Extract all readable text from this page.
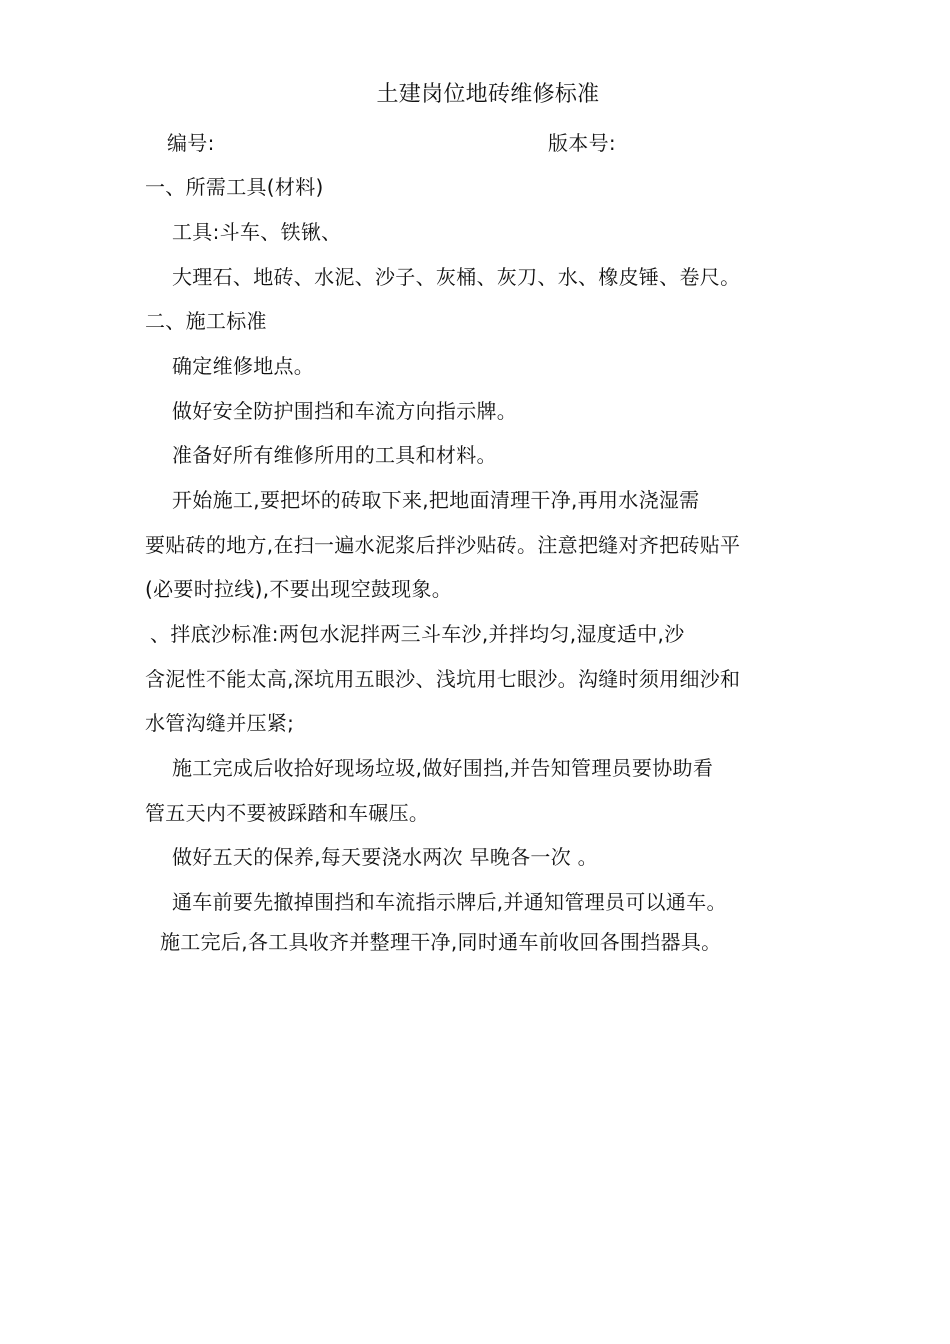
土建岗位地砖维修标准
编号:	版本号:
一、所需工具(材料)
工具:斗车、铁锹、
大理石、地砖、水泥、沙子、灰桶、灰刀、水、橡皮锤、卷尺。
二、施工标准
确定维修地点。
做好安全防护围挡和车流方向指示牌。
准备好所有维修所用的工具和材料。
开始施工,要把坏的砖取下来,把地面清理干净,再用水浇湿需
要贴砖的地方,在扫一遍水泥浆后拌沙贴砖。注意把缝对齐把砖贴平
(必要时拉线),不要出现空鼓现象。
、拌底沙标准:两包水泥拌两三斗车沙,并拌均匀,湿度适中,沙
含泥性不能太高,深坑用五眼沙、浅坑用七眼沙。沟缝时须用细沙和
水管沟缝并压紧;
施工完成后收拾好现场垃圾,做好围挡,并告知管理员要协助看
管五天内不要被踩踏和车碾压。
做好五天的保养,每天要浇水两次 早晚各一次 。
通车前要先撤掉围挡和车流指示牌后,并通知管理员可以通车。
施工完后,各工具收齐并整理干净,同时通车前收回各围挡器具。
